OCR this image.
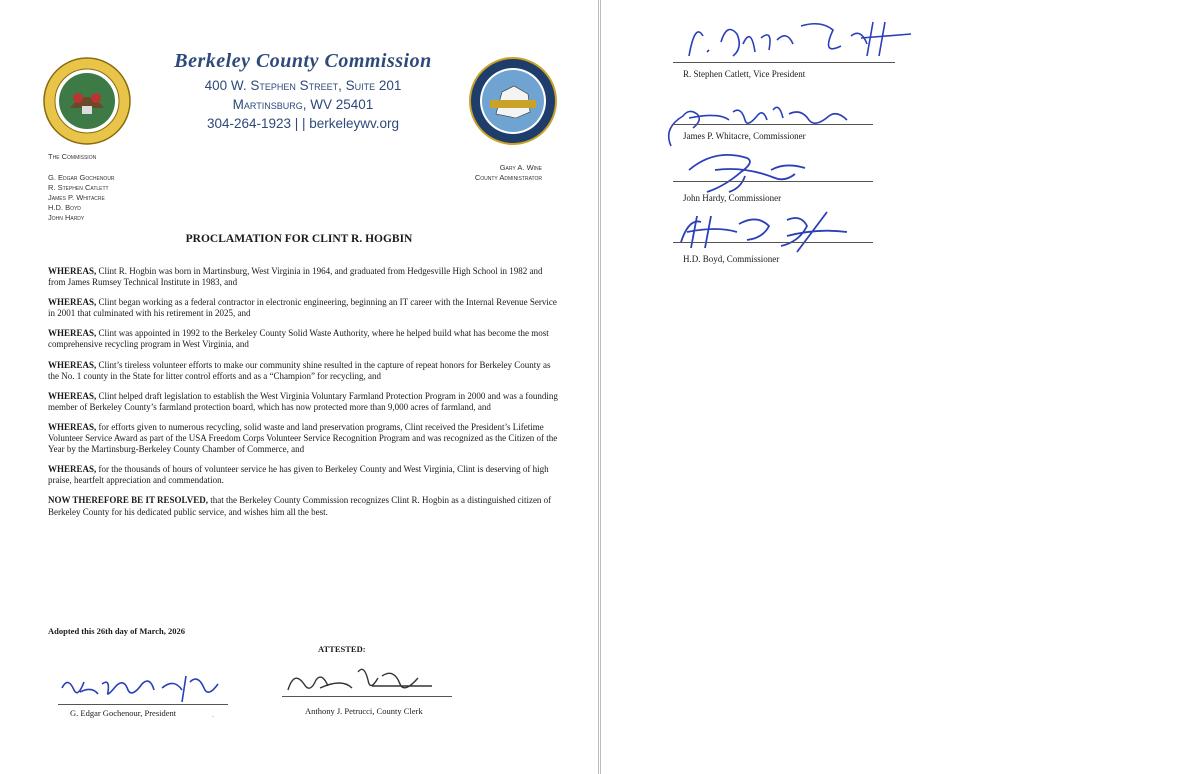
Berkeley County Commission
400 W. Stephen Street, Suite 201
Martinsburg, WV 25401
304-264-1923 | | berkeleywv.org
The Commission
G. Edgar Gochenour
R. Stephen Catlett
James P. Whitacre
H.D. Boyd
John Hardy
Gary A. Wine
County Administrator
PROCLAMATION FOR CLINT R. HOGBIN

WHEREAS, Clint R. Hogbin was born in Martinsburg, West Virginia in 1964, and graduated from Hedgesville High School in 1982 and from James Rumsey Technical Institute in 1983, and

WHEREAS, Clint began working as a federal contractor in electronic engineering, beginning an IT career with the Internal Revenue Service in 2001 that culminated with his retirement in 2025, and

WHEREAS, Clint was appointed in 1992 to the Berkeley County Solid Waste Authority, where he helped build what has become the most comprehensive recycling program in West Virginia, and

WHEREAS, Clint’s tireless volunteer efforts to make our community shine resulted in the capture of repeat honors for Berkeley County as the No. 1 county in the State for litter control efforts and as a “Champion” for recycling, and

WHEREAS, Clint helped draft legislation to establish the West Virginia Voluntary Farmland Protection Program in 2000 and was a founding member of Berkeley County’s farmland protection board, which has now protected more than 9,000 acres of farmland, and

WHEREAS, for efforts given to numerous recycling, solid waste and land preservation programs, Clint received the President’s Lifetime Volunteer Service Award as part of the USA Freedom Corps Volunteer Service Recognition Program and was recognized as the Citizen of the Year by the Martinsburg-Berkeley County Chamber of Commerce, and

WHEREAS, for the thousands of hours of volunteer service he has given to Berkeley County and West Virginia, Clint is deserving of high praise, heartfelt appreciation and commendation.

NOW THEREFORE BE IT RESOLVED, that the Berkeley County Commission recognizes Clint R. Hogbin as a distinguished citizen of Berkeley County for his dedicated public service, and wishes him all the best.

Adopted this 26th day of March, 2026
ATTESTED:
G. Edgar Gochenour, President	.	Anthony J. Petrucci, County Clerk
R. Stephen Catlett, Vice President
James P. Whitacre, Commissioner
John Hardy, Commissioner
H.D. Boyd, Commissioner
